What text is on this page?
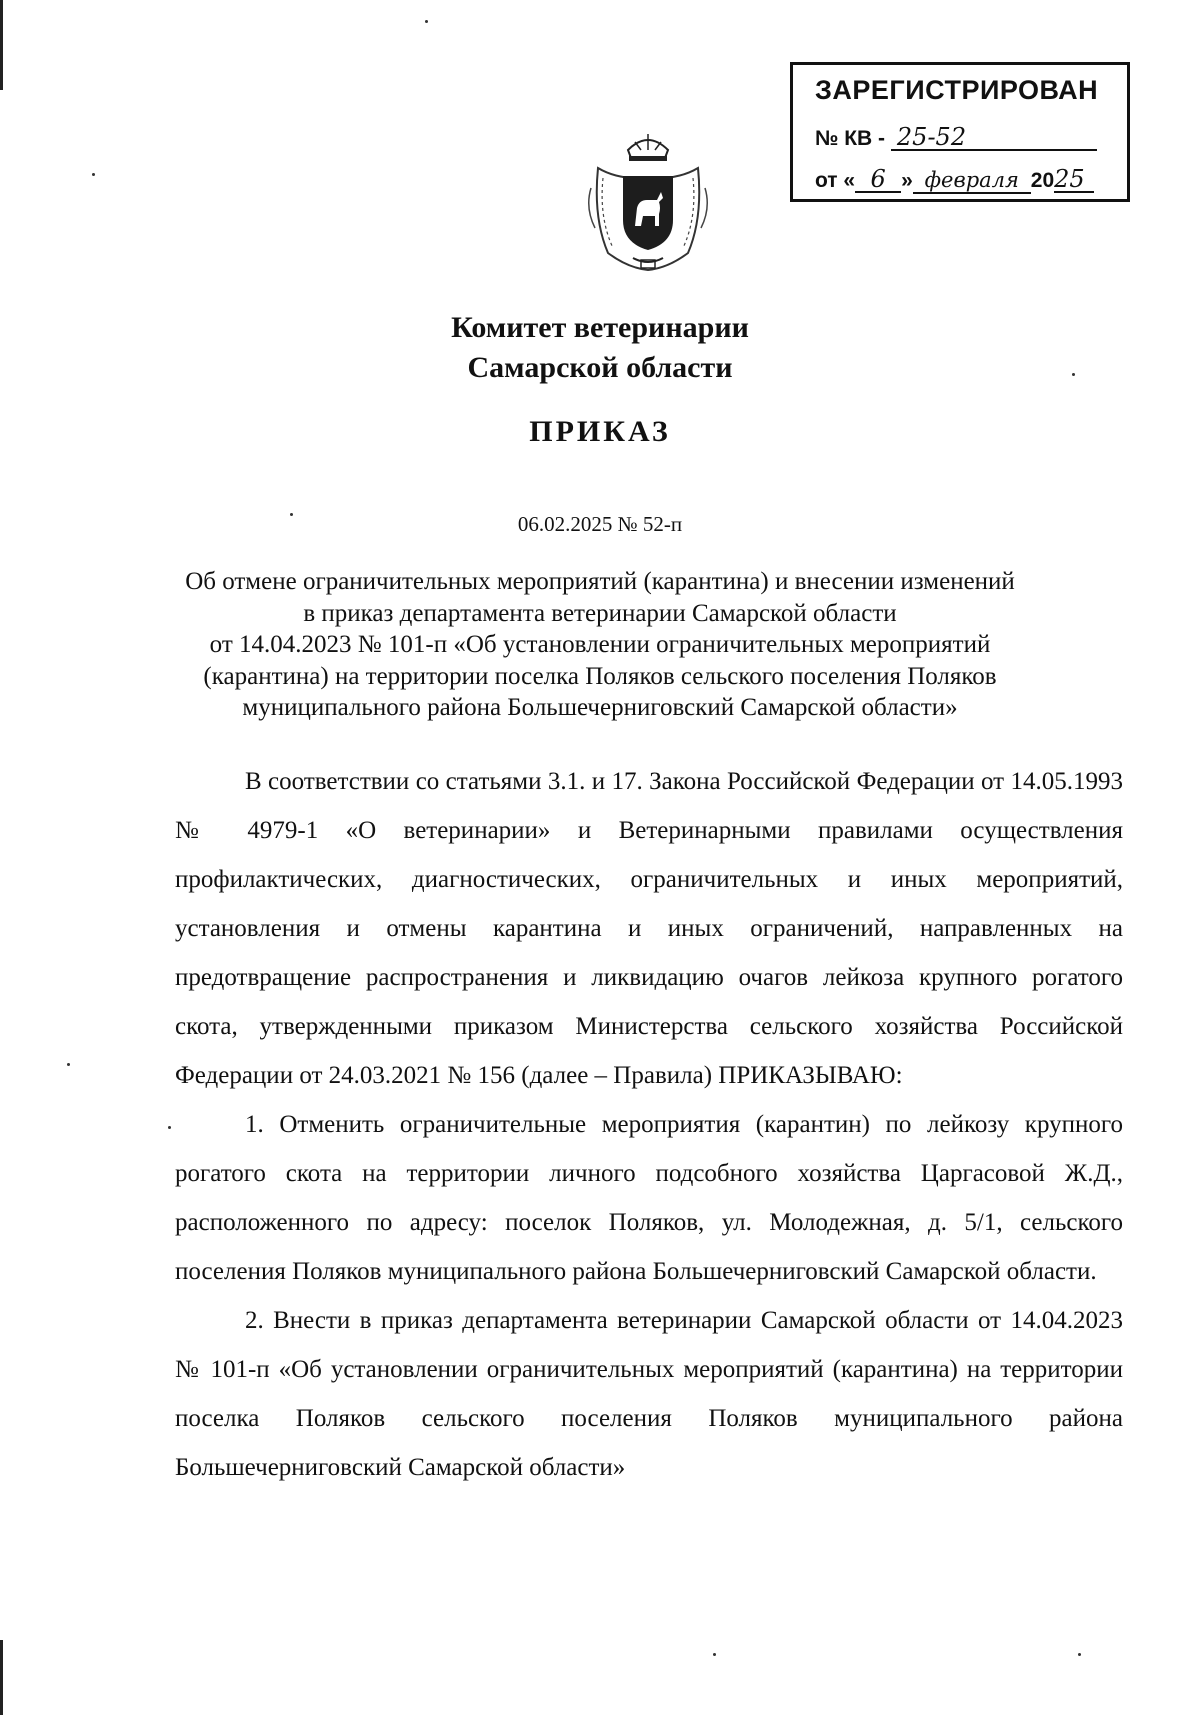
ЗАРЕГИСТРИРОВАН
№ КВ - 25-52
от « 6 » февраля 2025
Комитет ветеринарии
Самарской области
ПРИКАЗ
06.02.2025 № 52-п
Об отмене ограничительных мероприятий (карантина) и внесении изменений
в приказ департамента ветеринарии Самарской области
от 14.04.2023 № 101-п «Об установлении ограничительных мероприятий
(карантина) на территории поселка Поляков сельского поселения Поляков
муниципального района Большечерниговский Самарской области»

В соответствии со статьями 3.1. и 17. Закона Российской Федерации от 14.05.1993 № 4979-1 «О ветеринарии» и Ветеринарными правилами осуществления профилактических, диагностических, ограничительных и иных мероприятий, установления и отмены карантина и иных ограничений, направленных на предотвращение распространения и ликвидацию очагов лейкоза крупного рогатого скота, утвержденными приказом Министерства сельского хозяйства Российской Федерации от 24.03.2021 № 156 (далее – Правила) ПРИКАЗЫВАЮ:

1. Отменить ограничительные мероприятия (карантин) по лейкозу крупного рогатого скота на территории личного подсобного хозяйства Царгасовой Ж.Д., расположенного по адресу: поселок Поляков, ул. Молодежная, д. 5/1, сельского поселения Поляков муниципального района Большечерниговский Самарской области.

2. Внести в приказ департамента ветеринарии Самарской области от 14.04.2023 № 101-п «Об установлении ограничительных мероприятий (карантина) на территории поселка Поляков сельского поселения Поляков муниципального района Большечерниговский Самарской области»
